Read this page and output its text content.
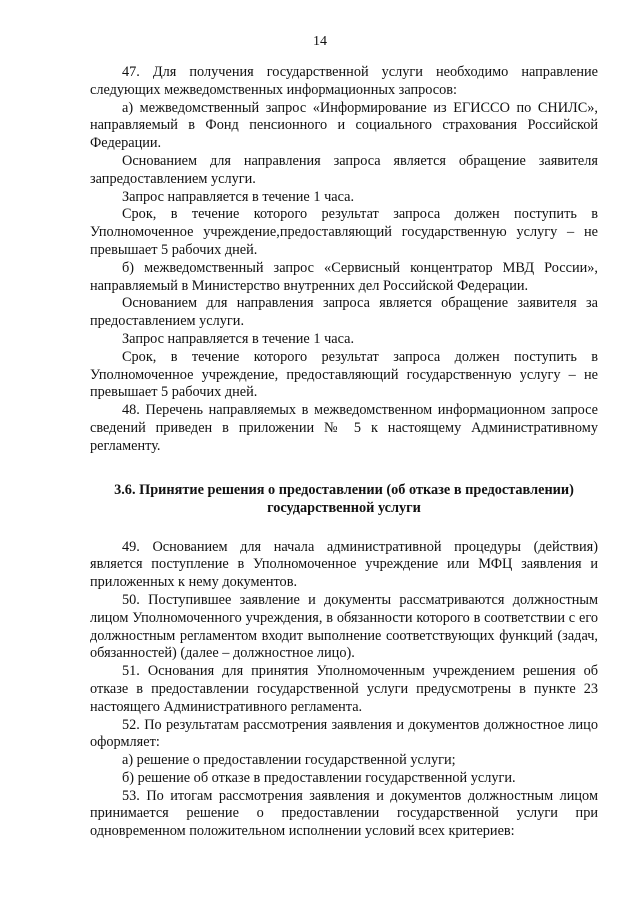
14

47. Для получения государственной услуги необходимо направление следующих межведомственных информационных запросов:

а) межведомственный запрос «Информирование из ЕГИССО по СНИЛС», направляемый в Фонд пенсионного и социального страхования Российской Федерации.

Основанием для направления запроса является обращение заявителя запредоставлением услуги.

Запрос направляется в течение 1 часа.

Срок, в течение которого результат запроса должен поступить в Уполномоченное учреждение,предоставляющий государственную услугу – не превышает 5 рабочих дней.

б) межведомственный запрос «Сервисный концентратор МВД России», направляемый в Министерство внутренних дел Российской Федерации.

Основанием для направления запроса является обращение заявителя за предоставлением услуги.

Запрос направляется в течение 1 часа.

Срок, в течение которого результат запроса должен поступить в Уполномоченное учреждение, предоставляющий государственную услугу – не превышает 5 рабочих дней.

48. Перечень направляемых в межведомственном информационном запросе сведений приведен в приложении № 5 к настоящему Административному регламенту.

3.6. Принятие решения о предоставлении (об отказе в предоставлении)
государственной услуги

49. Основанием для начала административной процедуры (действия) является поступление в Уполномоченное учреждение или МФЦ заявления и приложенных к нему документов.

50. Поступившее заявление и документы рассматриваются должностным лицом Уполномоченного учреждения, в обязанности которого в соответствии с его должностным регламентом входит выполнение соответствующих функций (задач, обязанностей) (далее – должностное лицо).

51. Основания для принятия Уполномоченным учреждением решения об отказе в предоставлении государственной услуги предусмотрены в пункте 23 настоящего Административного регламента.

52. По результатам рассмотрения заявления и документов должностное лицо оформляет:

а) решение о предоставлении государственной услуги;

б) решение об отказе в предоставлении государственной услуги.

53. По итогам рассмотрения заявления и документов должностным лицом принимается решение о предоставлении государственной услуги при одновременном положительном исполнении условий всех критериев:
